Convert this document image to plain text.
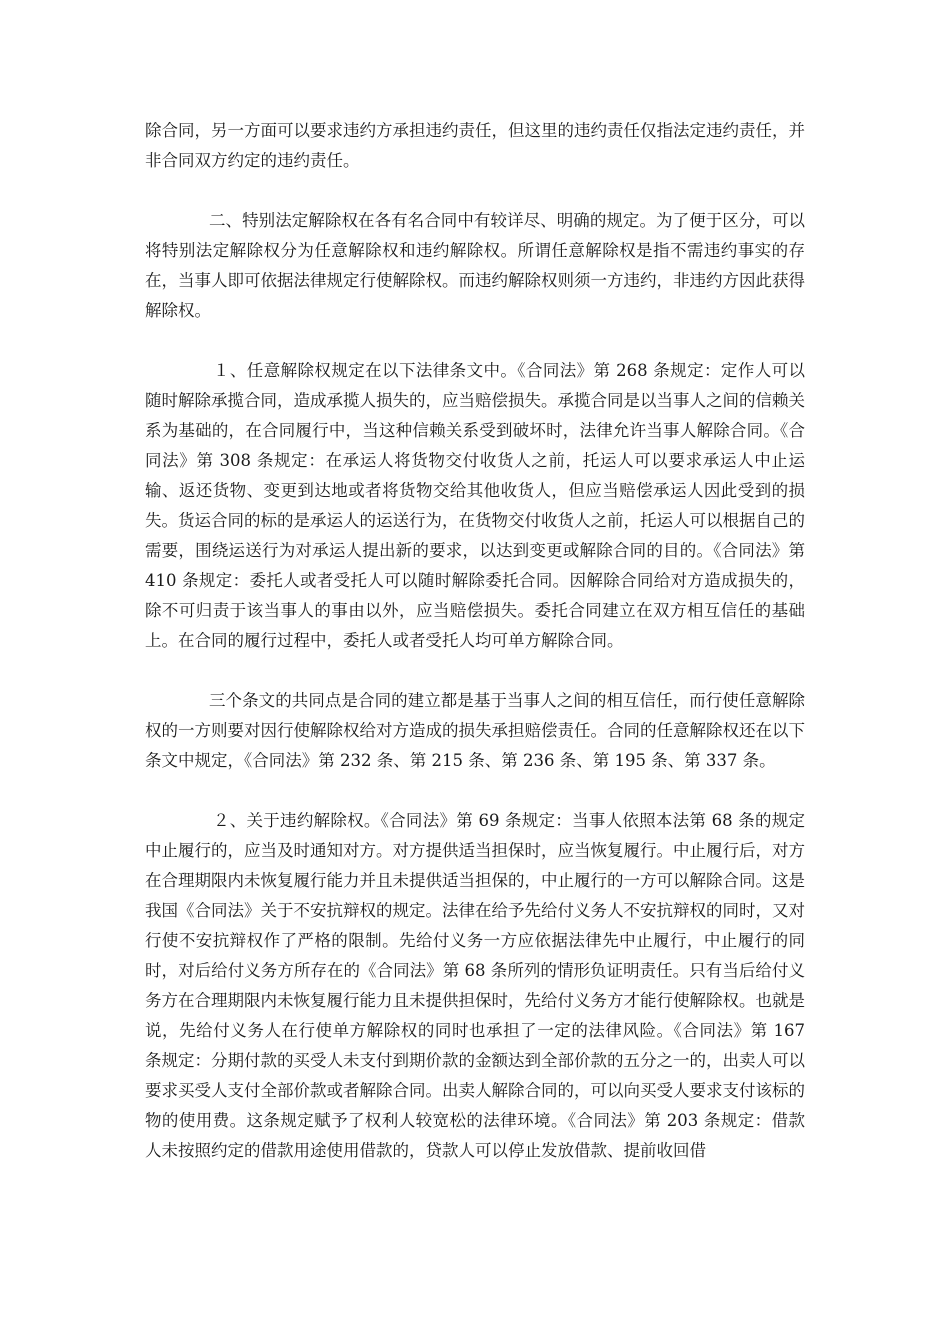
除合同，另一方面可以要求违约方承担违约责任，但这里的违约责任仅指法定违约责任，并非合同双方约定的违约责任。

二、特别法定解除权在各有名合同中有较详尽、明确的规定。为了便于区分，可以将特别法定解除权分为任意解除权和违约解除权。所谓任意解除权是指不需违约事实的存在，当事人即可依据法律规定行使解除权。而违约解除权则须一方违约，非违约方因此获得解除权。

１、任意解除权规定在以下法律条文中。《合同法》第 268 条规定：定作人可以随时解除承揽合同，造成承揽人损失的，应当赔偿损失。承揽合同是以当事人之间的信赖关系为基础的，在合同履行中，当这种信赖关系受到破坏时，法律允许当事人解除合同。《合同法》第 308 条规定：在承运人将货物交付收货人之前，托运人可以要求承运人中止运输、返还货物、变更到达地或者将货物交给其他收货人，但应当赔偿承运人因此受到的损失。货运合同的标的是承运人的运送行为，在货物交付收货人之前，托运人可以根据自己的需要，围绕运送行为对承运人提出新的要求，以达到变更或解除合同的目的。《合同法》第 410 条规定：委托人或者受托人可以随时解除委托合同。因解除合同给对方造成损失的，除不可归责于该当事人的事由以外，应当赔偿损失。委托合同建立在双方相互信任的基础上。在合同的履行过程中，委托人或者受托人均可单方解除合同。

三个条文的共同点是合同的建立都是基于当事人之间的相互信任，而行使任意解除权的一方则要对因行使解除权给对方造成的损失承担赔偿责任。合同的任意解除权还在以下条文中规定，《合同法》第 232 条、第 215 条、第 236 条、第 195 条、第 337 条。

２、关于违约解除权。《合同法》第 69 条规定：当事人依照本法第 68 条的规定中止履行的，应当及时通知对方。对方提供适当担保时，应当恢复履行。中止履行后，对方在合理期限内未恢复履行能力并且未提供适当担保的，中止履行的一方可以解除合同。这是我国《合同法》关于不安抗辩权的规定。法律在给予先给付义务人不安抗辩权的同时，又对行使不安抗辩权作了严格的限制。先给付义务一方应依据法律先中止履行，中止履行的同时，对后给付义务方所存在的《合同法》第 68 条所列的情形负证明责任。只有当后给付义务方在合理期限内未恢复履行能力且未提供担保时，先给付义务方才能行使解除权。也就是说，先给付义务人在行使单方解除权的同时也承担了一定的法律风险。《合同法》第 167 条规定：分期付款的买受人未支付到期价款的金额达到全部价款的五分之一的，出卖人可以要求买受人支付全部价款或者解除合同。出卖人解除合同的，可以向买受人要求支付该标的物的使用费。这条规定赋予了权利人较宽松的法律环境。《合同法》第 203 条规定：借款人未按照约定的借款用途使用借款的，贷款人可以停止发放借款、提前收回借
